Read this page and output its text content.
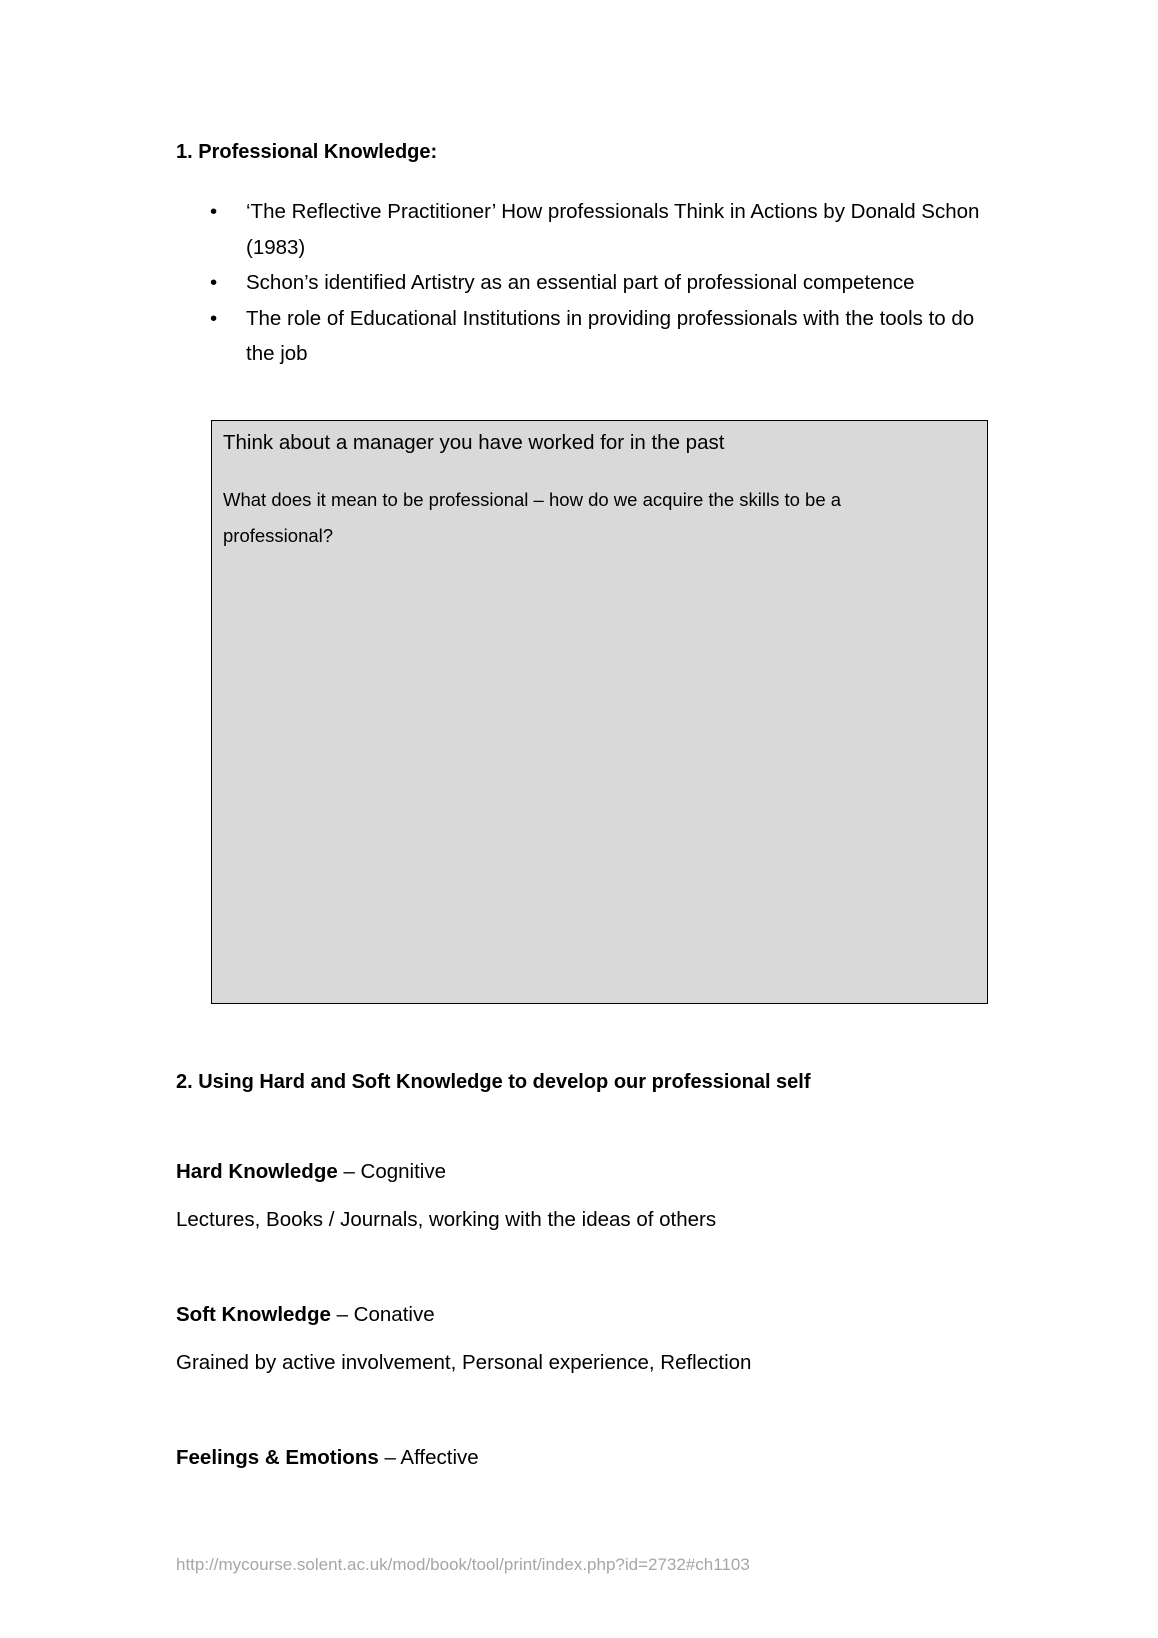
1. Professional Knowledge:
•	‘The Reflective Practitioner’ How professionals Think in Actions by Donald Schon (1983)
•	Schon’s identified Artistry as an essential part of professional competence
•	The role of Educational Institutions in providing professionals with the tools to do the job
Think about a manager you have worked for in the past
What does it mean to be professional – how do we acquire the skills to be a professional?
2. Using Hard and Soft Knowledge to develop our professional self
Hard Knowledge – Cognitive
Lectures, Books / Journals, working with the ideas of others
Soft Knowledge – Conative
Grained by active involvement, Personal experience, Reflection
Feelings & Emotions – Affective
http://mycourse.solent.ac.uk/mod/book/tool/print/index.php?id=2732#ch1103
